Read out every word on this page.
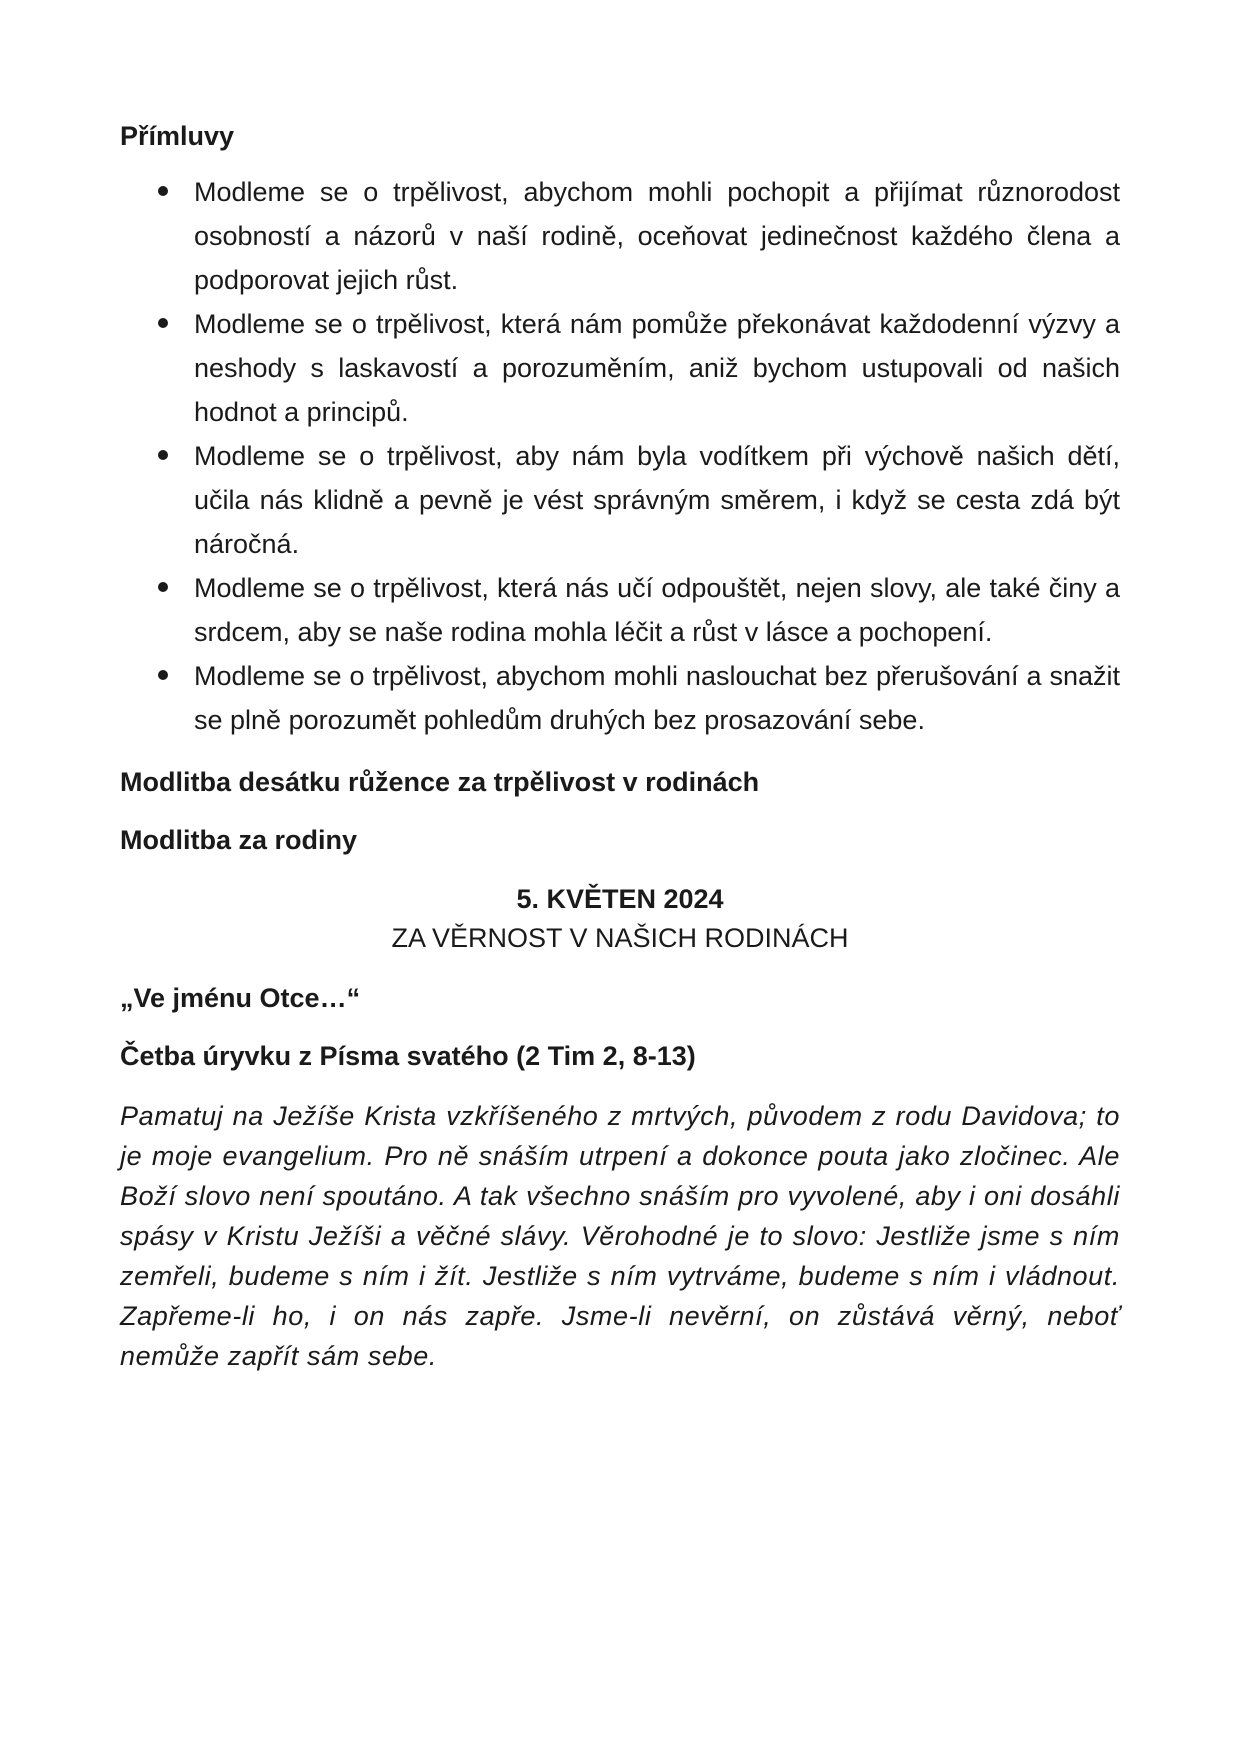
Přímluvy
Modleme se o trpělivost, abychom mohli pochopit a přijímat různorodost osobností a názorů v naší rodině, oceňovat jedinečnost každého člena a podporovat jejich růst.
Modleme se o trpělivost, která nám pomůže překonávat každodenní výzvy a neshody s laskavostí a porozuměním, aniž bychom ustupovali od našich hodnot a principů.
Modleme se o trpělivost, aby nám byla vodítkem při výchově našich dětí, učila nás klidně a pevně je vést správným směrem, i když se cesta zdá být náročná.
Modleme se o trpělivost, která nás učí odpouštět, nejen slovy, ale také činy a srdcem, aby se naše rodina mohla léčit a růst v lásce a pochopení.
Modleme se o trpělivost, abychom mohli naslouchat bez přerušování a snažit se plně porozumět pohledům druhých bez prosazování sebe.

Modlitba desátku růžence za trpělivost v rodinách

Modlitba za rodiny

5. KVĚTEN 2024
ZA VĚRNOST V NAŠICH RODINÁCH

„Ve jménu Otce…“

Četba úryvku z Písma svatého (2 Tim 2, 8-13)

Pamatuj na Ježíše Krista vzkříšeného z mrtvých, původem z rodu Davidova; to je moje evangelium. Pro ně snáším utrpení a dokonce pouta jako zločinec. Ale Boží slovo není spoutáno. A tak všechno snáším pro vyvolené, aby i oni dosáhli spásy v Kristu Ježíši a věčné slávy. Věrohodné je to slovo: Jestliže jsme s ním zemřeli, budeme s ním i žít. Jestliže s ním vytrváme, budeme s ním i vládnout. Zapřeme-li ho, i on nás zapře. Jsme-li nevěrní, on zůstává věrný, neboť nemůže zapřít sám sebe.
